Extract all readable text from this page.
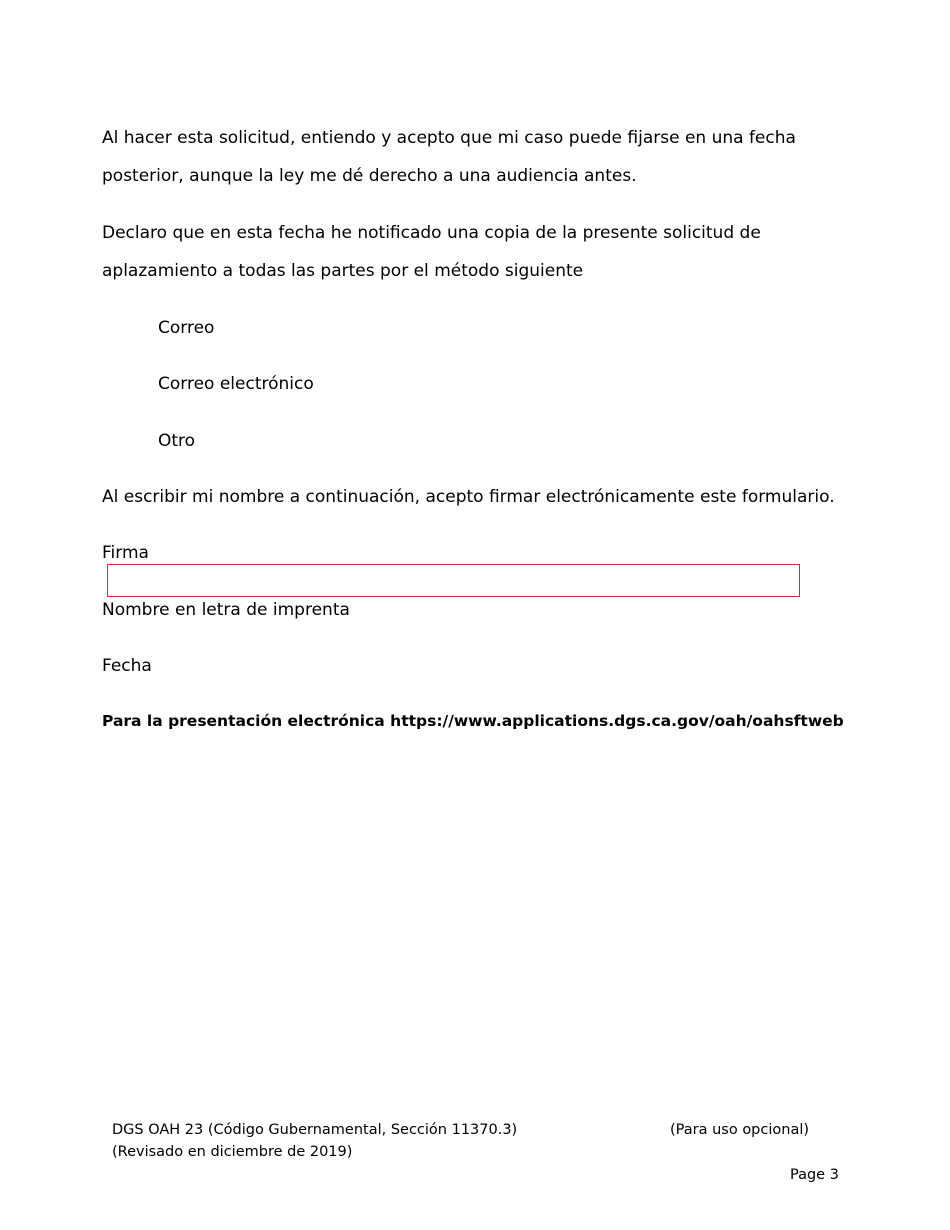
Al hacer esta solicitud, entiendo y acepto que mi caso puede fijarse en una fecha
posterior, aunque la ley me dé derecho a una audiencia antes.
Declaro que en esta fecha he notificado una copia de la presente solicitud de
aplazamiento a todas las partes por el método siguiente
Correo
Correo electrónico
Otro
Al escribir mi nombre a continuación, acepto firmar electrónicamente este formulario.
Firma
Nombre en letra de imprenta
Fecha
Para la presentación electrónica https://www.applications.dgs.ca.gov/oah/oahsftweb
DGS OAH 23 (Código Gubernamental, Sección 11370.3)
(Revisado en diciembre de 2019)
(Para uso opcional)
Page 3
